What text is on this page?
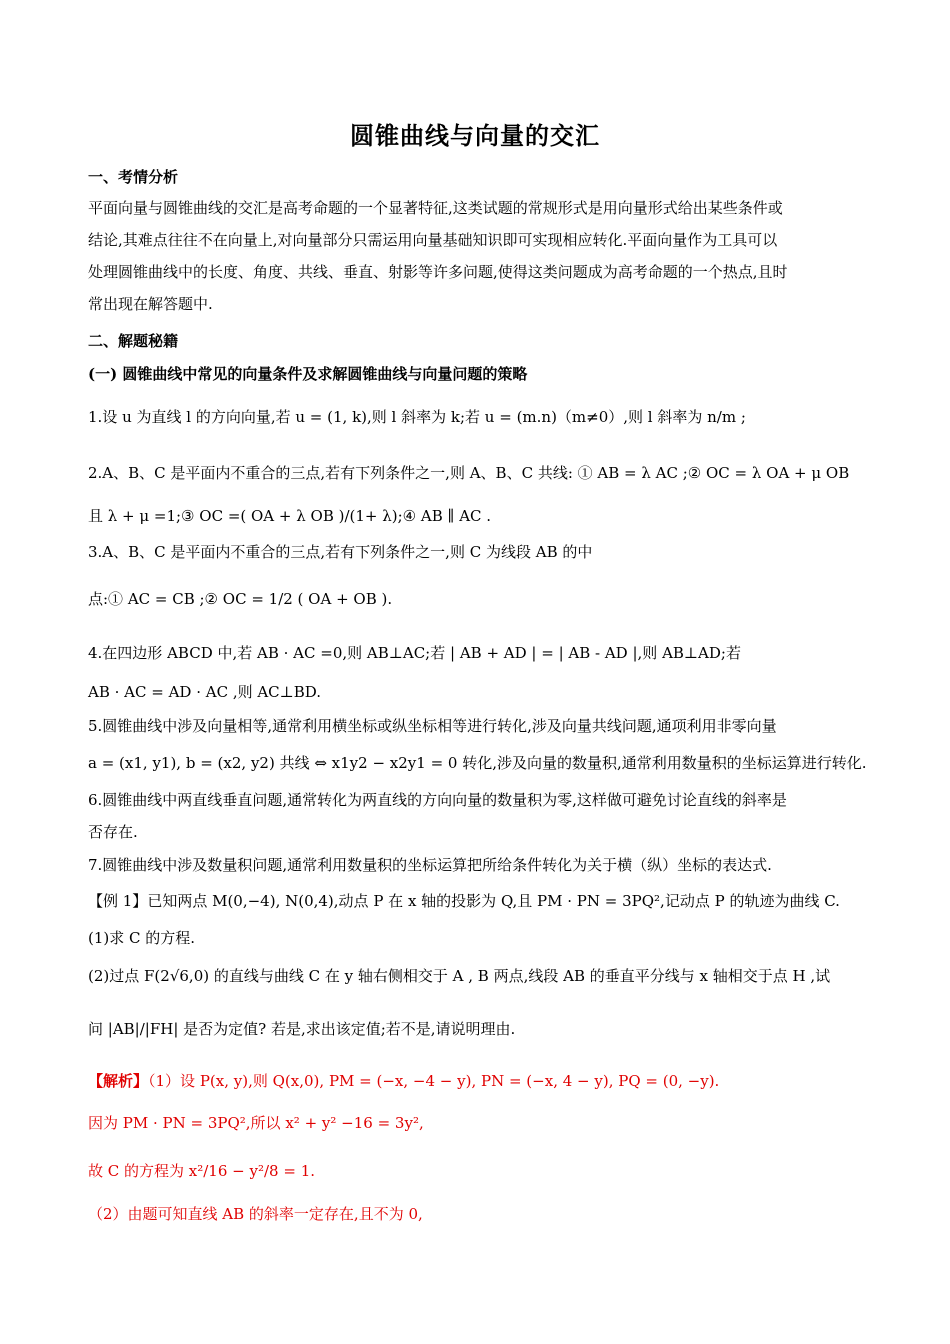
圆锥曲线与向量的交汇
一、考情分析
平面向量与圆锥曲线的交汇是高考命题的一个显著特征,这类试题的常规形式是用向量形式给出某些条件或
结论,其难点往往不在向量上,对向量部分只需运用向量基础知识即可实现相应转化.平面向量作为工具可以
处理圆锥曲线中的长度、角度、共线、垂直、射影等许多问题,使得这类问题成为高考命题的一个热点,且时
常出现在解答题中.
二、解题秘籍
(一) 圆锥曲线中常见的向量条件及求解圆锥曲线与向量问题的策略
1.设 u 为直线 l 的方向向量,若 u = (1, k),则 l 斜率为 k;若 u = (m.n)（m≠0）,则 l 斜率为 n/m ;
2.A、B、C 是平面内不重合的三点,若有下列条件之一,则 A、B、C 共线: ① AB = λ AC ;② OC = λ OA + μ OB
且 λ + μ =1;③ OC =( OA + λ OB )/(1+ λ);④ AB ∥ AC .
3.A、B、C 是平面内不重合的三点,若有下列条件之一,则 C 为线段 AB 的中
点:① AC = CB ;② OC = 1/2 ( OA + OB ).
4.在四边形 ABCD 中,若 AB · AC =0,则 AB⊥AC;若 | AB + AD | = | AB - AD |,则 AB⊥AD;若
AB · AC = AD · AC ,则 AC⊥BD.
5.圆锥曲线中涉及向量相等,通常利用横坐标或纵坐标相等进行转化,涉及向量共线问题,通项利用非零向量
a = (x1, y1), b = (x2, y2) 共线 ⇔ x1y2 − x2y1 = 0 转化,涉及向量的数量积,通常利用数量积的坐标运算进行转化.
6.圆锥曲线中两直线垂直问题,通常转化为两直线的方向向量的数量积为零,这样做可避免讨论直线的斜率是
否存在.
7.圆锥曲线中涉及数量积问题,通常利用数量积的坐标运算把所给条件转化为关于横（纵）坐标的表达式.
【例 1】已知两点 M(0,−4), N(0,4),动点 P 在 x 轴的投影为 Q,且 PM · PN = 3PQ²,记动点 P 的轨迹为曲线 C.
(1)求 C 的方程.
(2)过点 F(2√6,0) 的直线与曲线 C 在 y 轴右侧相交于 A , B 两点,线段 AB 的垂直平分线与 x 轴相交于点 H ,试
问 |AB|/|FH| 是否为定值? 若是,求出该定值;若不是,请说明理由.
【解析】（1）设 P(x, y),则 Q(x,0), PM = (−x, −4 − y), PN = (−x, 4 − y), PQ = (0, −y).
因为 PM · PN = 3PQ²,所以 x² + y² −16 = 3y²,
故 C 的方程为 x²/16 − y²/8 = 1.
（2）由题可知直线 AB 的斜率一定存在,且不为 0,
